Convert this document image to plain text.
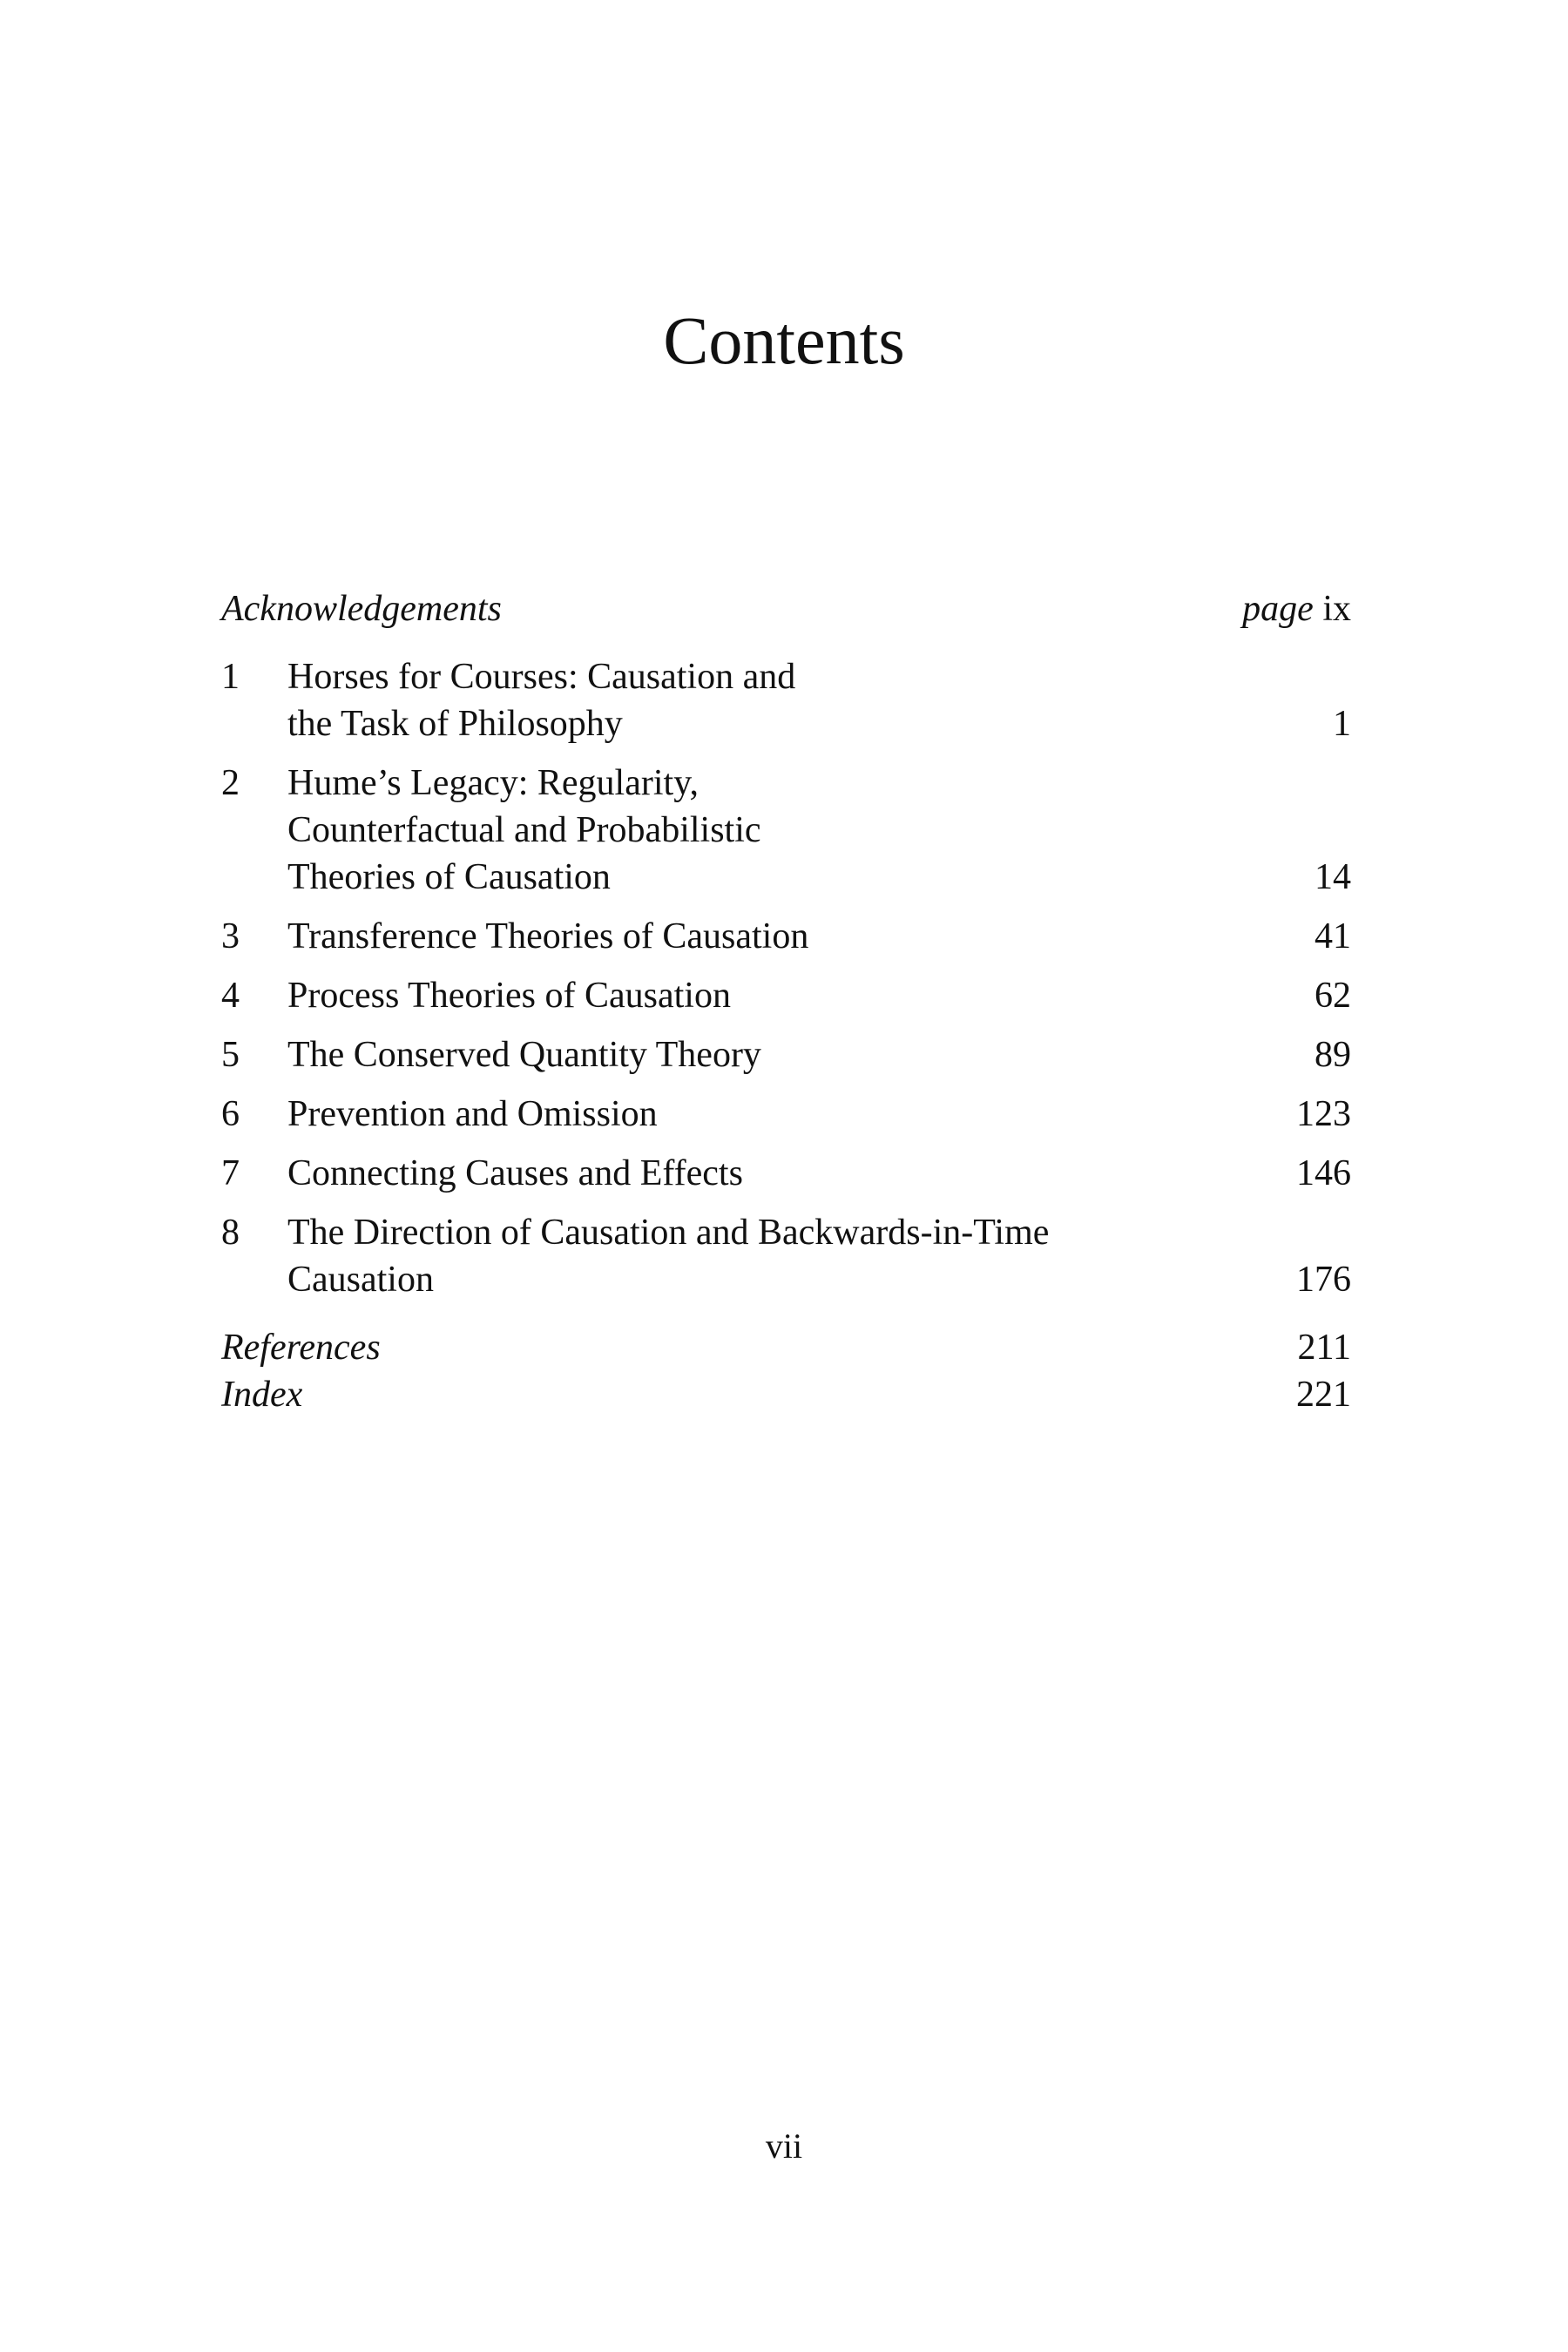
Contents
Acknowledgements	page ix
1	Horses for Courses: Causation and the Task of Philosophy	1
2	Hume’s Legacy: Regularity, Counterfactual and Probabilistic Theories of Causation	14
3	Transference Theories of Causation	41
4	Process Theories of Causation	62
5	The Conserved Quantity Theory	89
6	Prevention and Omission	123
7	Connecting Causes and Effects	146
8	The Direction of Causation and Backwards-in-Time Causation	176
References	211
Index	221
vii
